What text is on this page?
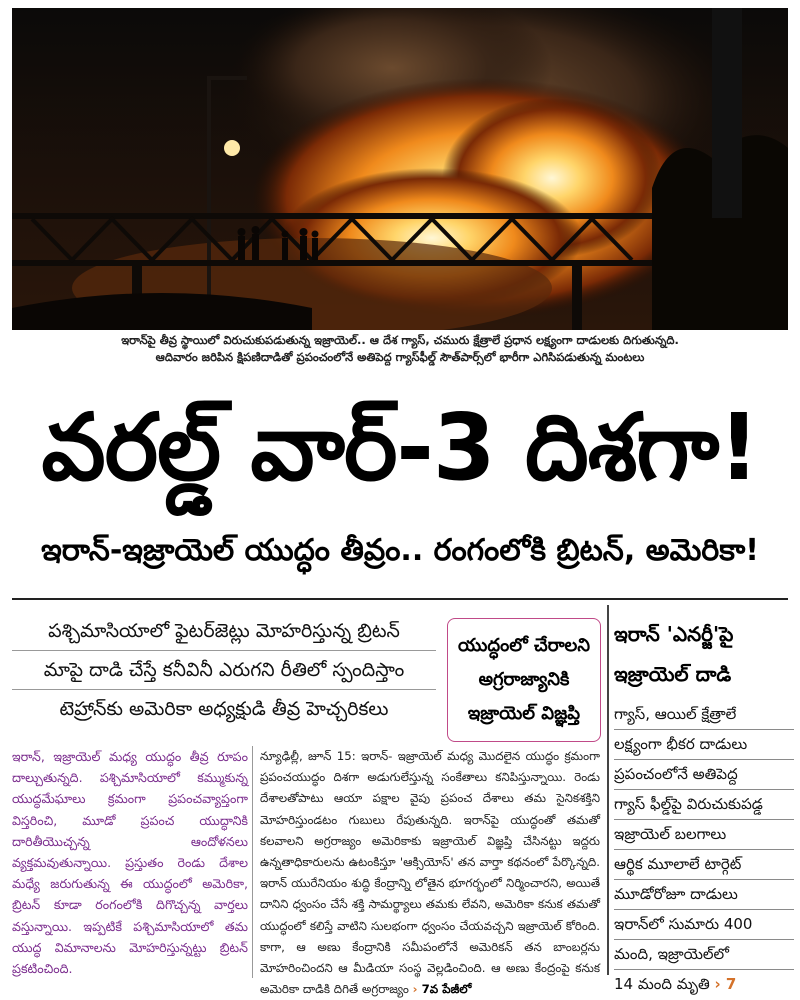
ఇరాన్‌పై తీవ్ర స్థాయిలో విరుచుకుపడుతున్న ఇజ్రాయెల్.. ఆ దేశ గ్యాస్, చమురు క్షేత్రాలే ప్రధాన లక్ష్యంగా దాడులకు దిగుతున్నది.
ఆదివారం జరిపిన క్షిపణిదాడితో ప్రపంచంలోనే అతిపెద్ద గ్యాస్‌ఫీల్డ్ సౌత్‌పార్స్‌లో భారీగా ఎగిసిపడుతున్న మంటలు
వరల్డ్ వార్-3 దిశగా!
ఇరాన్-ఇజ్రాయెల్ యుద్ధం తీవ్రం.. రంగంలోకి బ్రిటన్, అమెరికా!
పశ్చిమాసియాలో ఫైటర్‌జెట్లు మోహరిస్తున్న బ్రిటన్
మాపై దాడి చేస్తే కనీవినీ ఎరుగని రీతిలో స్పందిస్తాం
టెహ్రాన్‌కు అమెరికా అధ్యక్షుడి తీవ్ర హెచ్చరికలు
యుద్ధంలో చేరాలని
అగ్రరాజ్యానికి
ఇజ్రాయెల్ విజ్ఞప్తి
ఇరాన్ 'ఎనర్జీ'పై
ఇజ్రాయెల్ దాడి
గ్యాస్, ఆయిల్ క్షేత్రాలే
లక్ష్యంగా భీకర దాడులు
ప్రపంచంలోనే అతిపెద్ద
గ్యాస్ ఫీల్డ్‌పై విరుచుకుపడ్డ
ఇజ్రాయెల్ బలగాలు
ఆర్థిక మూలాలే టార్గెట్
మూడోరోజూ దాడులు
ఇరాన్‌లో సుమారు 400
మంది, ఇజ్రాయెల్‌లో
14 మంది మృతి › 7
ఇరాన్, ఇజ్రాయెల్ మధ్య యుద్ధం తీవ్ర రూపం దాల్చుతున్నది. పశ్చిమాసియాలో కమ్ముకున్న యుద్ధమేఘాలు క్రమంగా ప్రపంచవ్యాప్తంగా విస్తరించి, మూడో ప్రపంచ యుద్ధానికి దారితీయొచ్చన్న ఆందోళనలు వ్యక్తమవుతున్నాయి. ప్రస్తుతం రెండు దేశాల మధ్యే జరుగుతున్న ఈ యుద్ధంలో అమెరికా, బ్రిటన్ కూడా రంగంలోకి దిగొచ్చన్న వార్తలు వస్తున్నాయి. ఇప్పటికే పశ్చిమాసియాలో తమ యుద్ధ విమానాలను మోహరిస్తున్నట్టు బ్రిటన్ ప్రకటించింది.
న్యూఢిల్లీ, జూన్ 15: ఇరాన్- ఇజ్రాయెల్ మధ్య మొదలైన యుద్ధం క్రమంగా ప్రపంచయుద్ధం దిశగా అడుగులేస్తున్న సంకేతాలు కనిపిస్తున్నాయి. రెండు దేశాలతోపాటు ఆయా పక్షాల వైపు ప్రపంచ దేశాలు తమ సైనికశక్తిని మోహరిస్తుండటం గుబులు రేపుతున్నది. ఇరాన్‌పై యుద్ధంతో తమతో కలవాలని అగ్రరాజ్యం అమెరికాకు ఇజ్రాయెల్ విజ్ఞప్తి చేసినట్టు ఇద్దరు ఉన్నతాధికారులను ఉటంకిస్తూ 'ఆక్సియోస్' తన వార్తా కథనంలో పేర్కొన్నది. ఇరాన్ యురేనియం శుద్ధి కేంద్రాన్ని లోతైన భూగర్భంలో నిర్మించారని, అయితే దానిని ధ్వంసం చేసే శక్తి సామర్థ్యాలు తమకు లేవని, అమెరికా కనుక తమతో యుద్ధంలో కలిస్తే వాటిని సులభంగా ధ్వంసం చేయవచ్చని ఇజ్రాయెల్ కోరింది. కాగా, ఆ అణు కేంద్రానికి సమీపంలోనే అమెరికన్ తన బాంబర్లను మోహరించిందని ఆ మీడియా సంస్థ వెల్లడించింది. ఆ అణు కేంద్రంపై కనుక అమెరికా దాడికి దిగితే అగ్రరాజ్యం › 7వ పేజీలో
